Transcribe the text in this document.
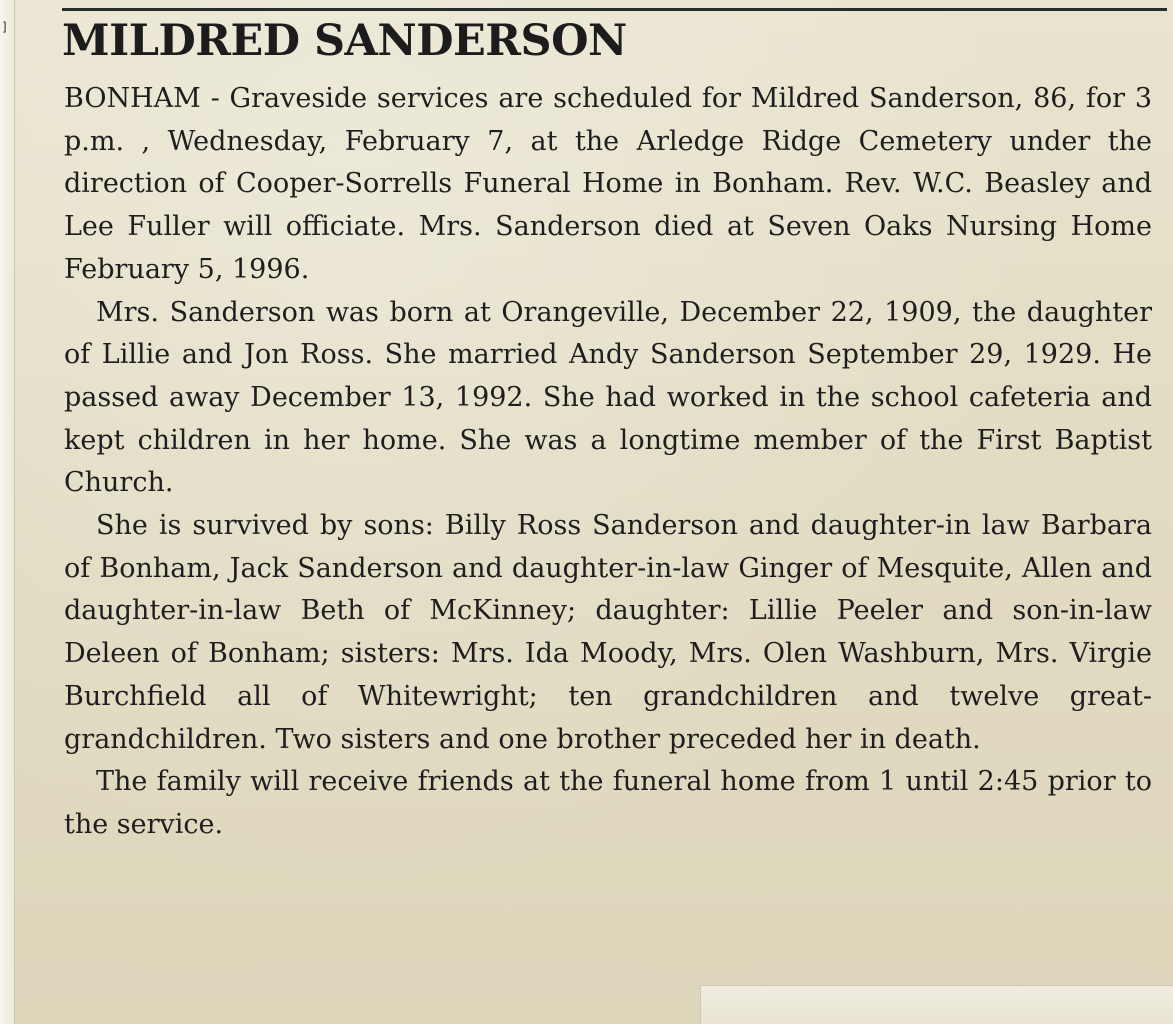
] MILDRED SANDERSON

BONHAM - Graveside services are scheduled for Mildred Sanderson, 86, for 3 p.m. , Wednesday, February 7, at the Arledge Ridge Cemetery under the direction of Cooper-Sorrells Funeral Home in Bonham. Rev. W.C. Beasley and Lee Fuller will officiate. Mrs. Sanderson died at Seven Oaks Nursing Home February 5, 1996.

Mrs. Sanderson was born at Orangeville, December 22, 1909, the daughter of Lillie and Jon Ross. She married Andy Sanderson September 29, 1929. He passed away December 13, 1992. She had worked in the school cafeteria and kept children in her home. She was a longtime member of the First Baptist Church.

She is survived by sons: Billy Ross Sanderson and daughter-in law Barbara of Bonham, Jack Sanderson and daughter-in-law Ginger of Mesquite, Allen and daughter-in-law Beth of McKinney; daughter: Lillie Peeler and son-in-law Deleen of Bonham; sisters: Mrs. Ida Moody, Mrs. Olen Washburn, Mrs. Virgie Burchfield all of Whitewright; ten grandchildren and twelve great-grandchildren. Two sisters and one brother preceded her in death.

The family will receive friends at the funeral home from 1 until 2:45 prior to the service.
